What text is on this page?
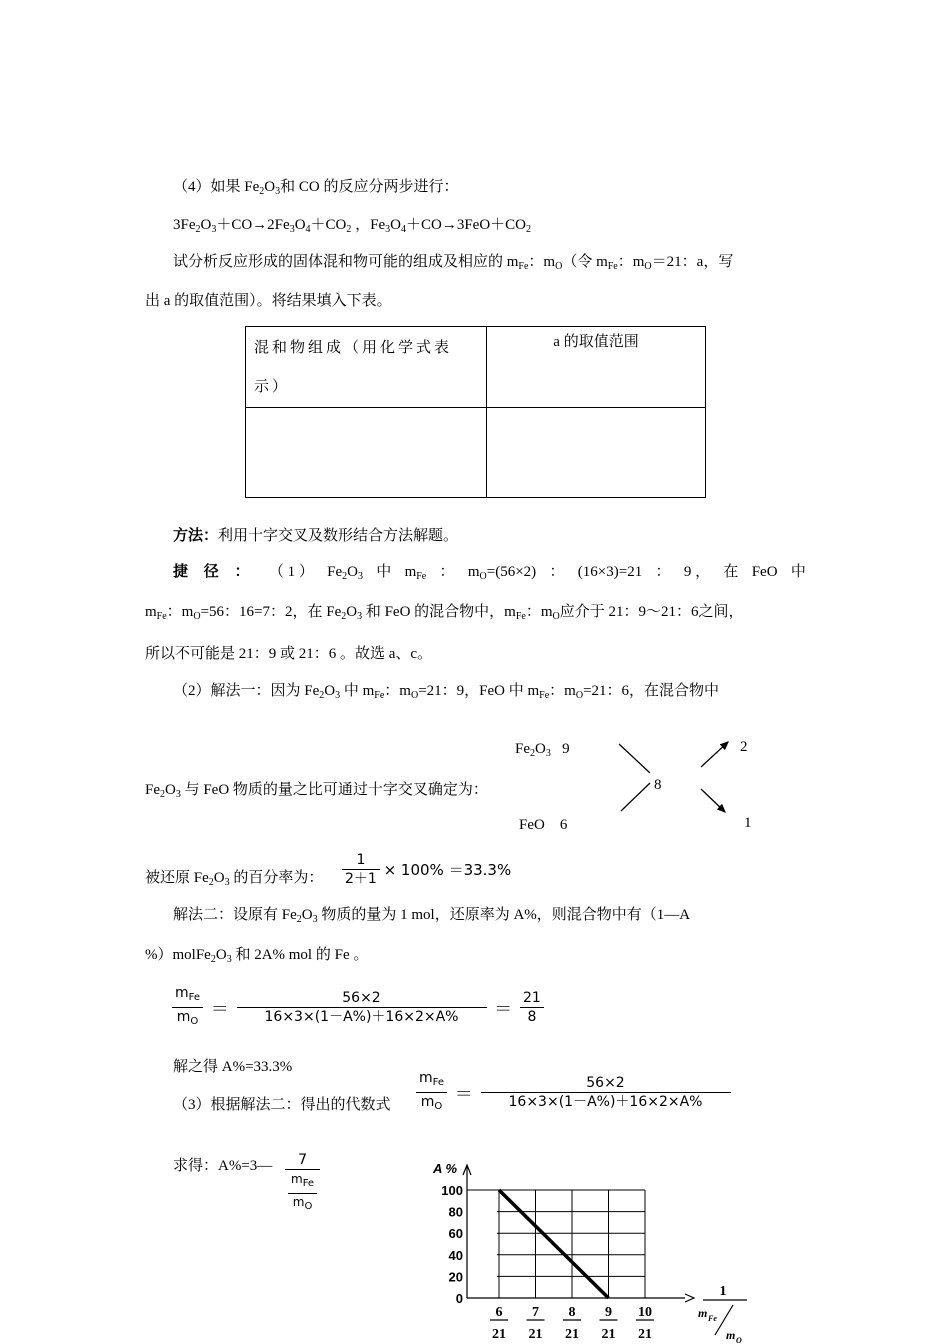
（4）如果 $Fe_2O_3$和 CO 的反应分两步进行：
$3Fe_2O_3+CO\to 2Fe_3O_4+CO_2$ ，$Fe_3O_4+CO\to 3FeO+CO_2$
试分析反应形成的固体混和物可能的组成及相应的 $m_{Fe}$：$m_O$（令 $m_{Fe}$：$m_O=21$：a，写
出 a 的取值范围）。将结果填入下表。
混和物组成（用化学式表示）	a 的取值范围

方法：利用十字交叉及数形结合方法解题。
捷 径 ： （ 1 ） $Fe_2O_3$ 中 $m_{Fe}$ ： $m_O=(56\times 2)$ ： (16×3)=21 ： 9 ， 在 FeO 中
$m_{Fe}$：$m_O=56$：16=7：2，在 $Fe_2O_3$ 和 FeO 的混合物中，$m_{Fe}$：$m_O$应介于 21：9～21：6之间，
所以不可能是 21：9 或 21：6 。故选 a、c。
（2）解法一：因为 $Fe_2O_3$ 中 $m_{Fe}$：$m_O=21$：9，FeO 中 $m_{Fe}$：$m_O=21$：6，在混合物中
$Fe_2O_3$   9
FeO    6
8
2
1
$Fe_2O_3$ 与 FeO 物质的量之比可通过十字交叉确定为：
被还原 $Fe_2O_3$ 的百分率为： $\frac{1}{2+1} \times 100\% =33.3\%$
解法二：设原有 $Fe_2O_3$ 物质的量为 1 mol，还原率为 A%，则混合物中有（1—A
$\%)molFe_2O_3$ 和 2A% mol 的 Fe 。
$\frac{m_{Fe}}{m_O} = \frac{56\times 2}{16\times 3\times(1-A\%)+16\times 2\times A\%} = \frac{21}{8}$
解之得 A%=33.3%
（3）根据解法二：得出的代数式 $\frac{m_{Fe}}{m_O} = \frac{56\times 2}{16\times 3\times(1-A\%)+16\times 2\times A\%}$
求得：A%=3— $\frac{7}{\frac{m_{Fe}}{m_O}}$	A %
0
20
40
60
80
100
6
21
7
21
8
21
9
21
10
21
1
m Fe
m O
